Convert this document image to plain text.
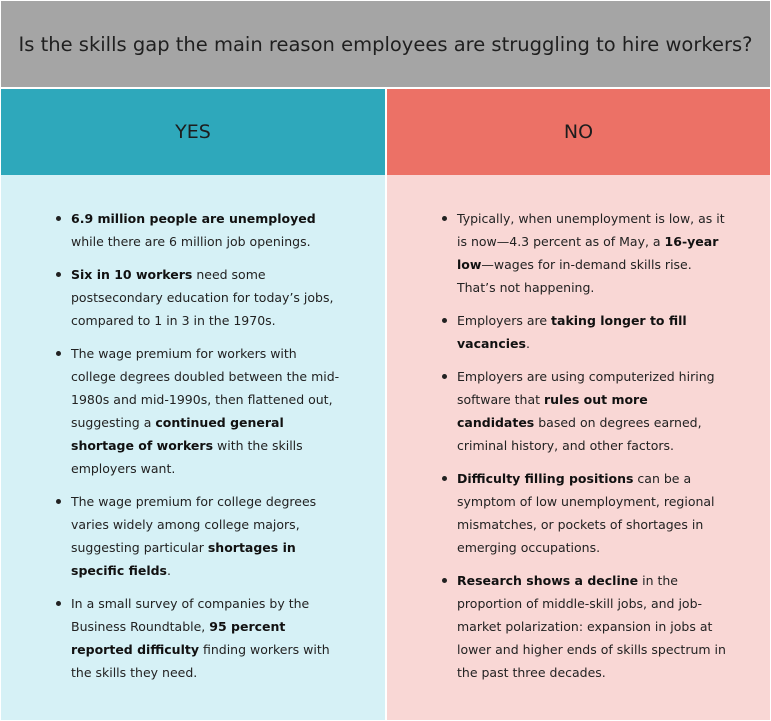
Is the skills gap the main reason employees are struggling to hire workers?
YES	NO
6.9 million people are unemployed while there are 6 million job openings.
Six in 10 workers need some postsecondary education for today’s jobs, compared to 1 in 3 in the 1970s.
The wage premium for workers with college degrees doubled between the mid-1980s and mid-1990s, then flattened out, suggesting a continued general shortage of workers with the skills employers want.
The wage premium for college degrees varies widely among college majors, suggesting particular shortages in specific fields.
In a small survey of companies by the Business Roundtable, 95 percent reported difficulty finding workers with the skills they need.
Typically, when unemployment is low, as it is now—4.3 percent as of May, a 16-year low—wages for in-demand skills rise. That’s not happening.
Employers are taking longer to fill vacancies.
Employers are using computerized hiring software that rules out more candidates based on degrees earned, criminal history, and other factors.
Difficulty filling positions can be a symptom of low unemployment, regional mismatches, or pockets of shortages in emerging occupations.
Research shows a decline in the proportion of middle-skill jobs, and job-market polarization: expansion in jobs at lower and higher ends of skills spectrum in the past three decades.
